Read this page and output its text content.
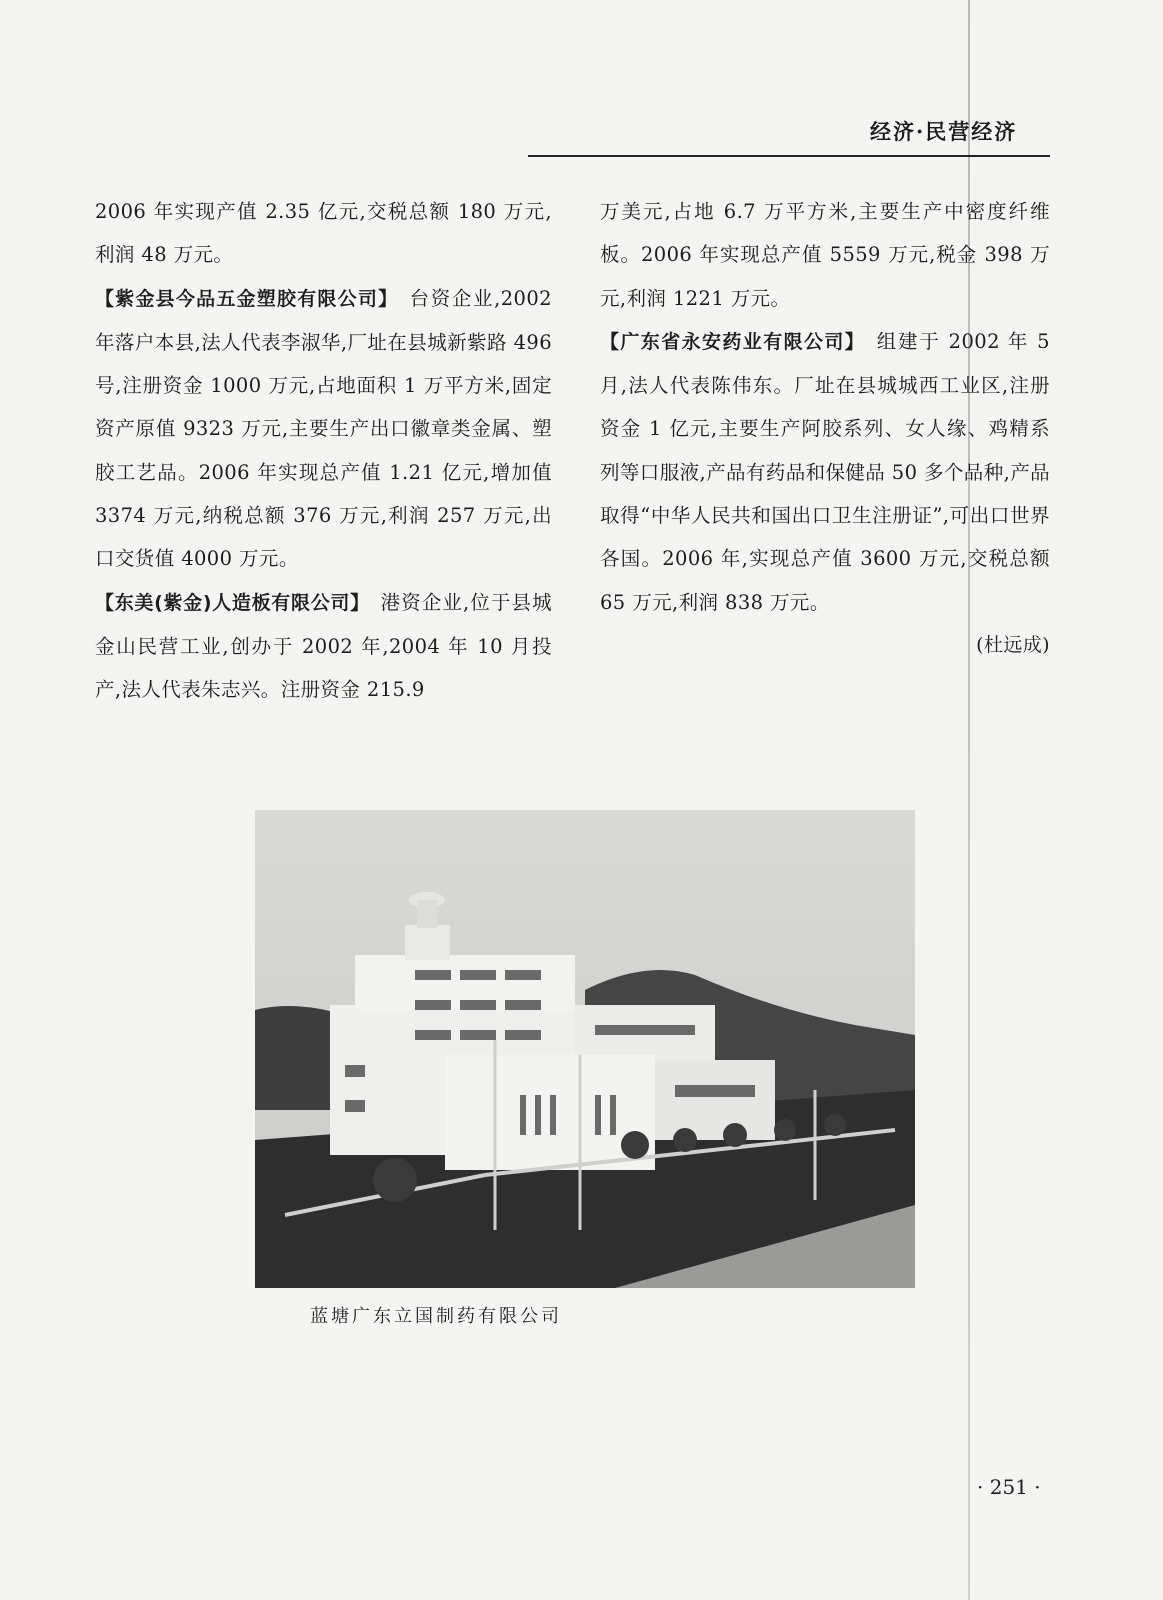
经济·民营经济

2006 年实现产值 2.35 亿元,交税总额 180 万元,利润 48 万元。

【紫金县今品五金塑胶有限公司】  台资企业,2002 年落户本县,法人代表李淑华,厂址在县城新紫路 496 号,注册资金 1000 万元,占地面积 1 万平方米,固定资产原值 9323 万元,主要生产出口徽章类金属、塑胶工艺品。2006 年实现总产值 1.21 亿元,增加值 3374 万元,纳税总额 376 万元,利润 257 万元,出口交货值 4000 万元。

【东美(紫金)人造板有限公司】  港资企业,位于县城金山民营工业,创办于 2002 年,2004 年 10 月投产,法人代表朱志兴。注册资金 215.9

万美元,占地 6.7 万平方米,主要生产中密度纤维板。2006 年实现总产值 5559 万元,税金 398 万元,利润 1221 万元。

【广东省永安药业有限公司】  组建于 2002 年 5 月,法人代表陈伟东。厂址在县城城西工业区,注册资金 1 亿元,主要生产阿胶系列、女人缘、鸡精系列等口服液,产品有药品和保健品 50 多个品种,产品取得“中华人民共和国出口卫生注册证”,可出口世界各国。2006 年,实现总产值 3600 万元,交税总额 65 万元,利润 838 万元。

(杜远成)

蓝塘广东立国制药有限公司
· 251 ·
